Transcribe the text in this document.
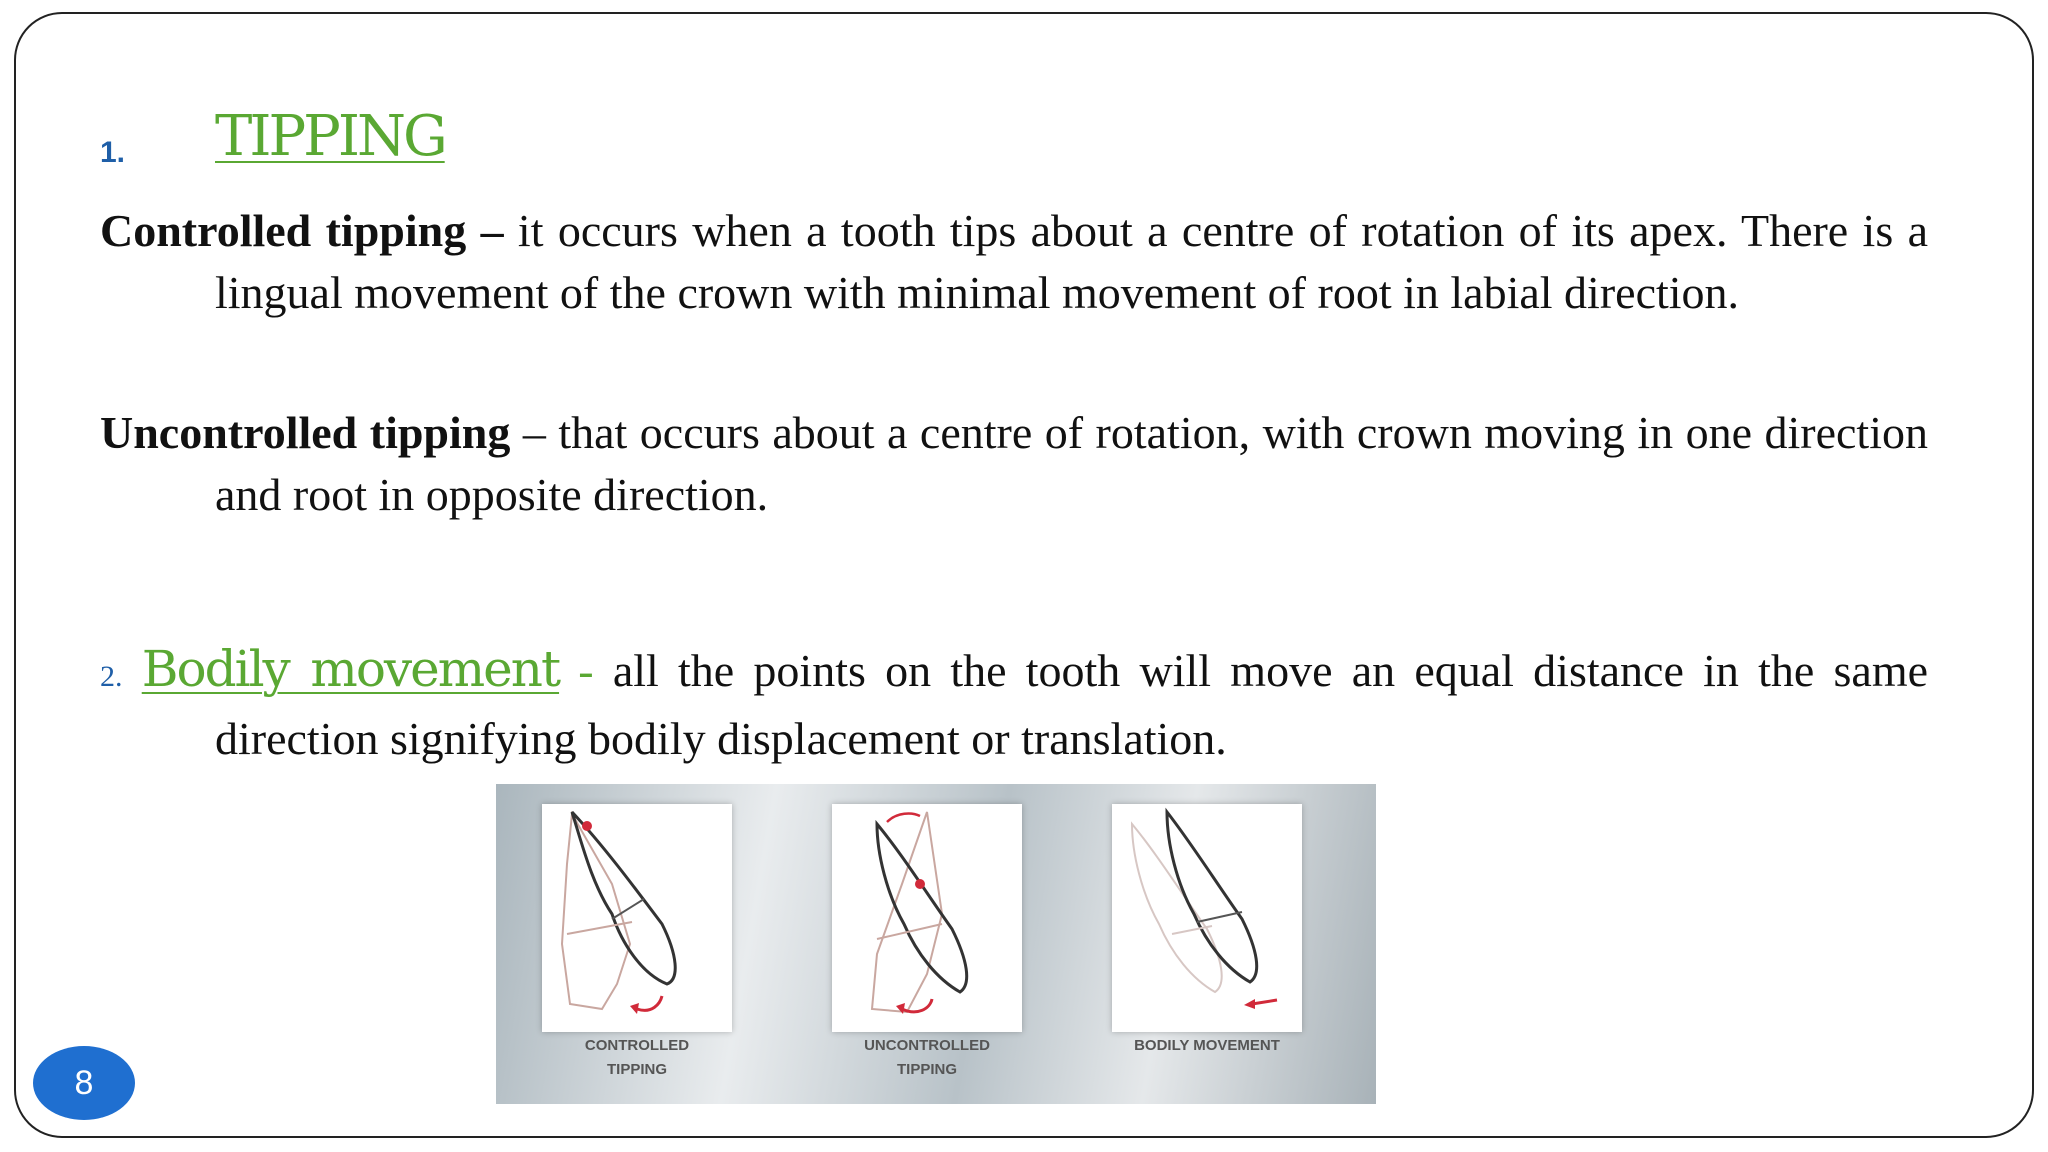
1. TIPPING
Controlled tipping – it occurs when a tooth tips about a centre of rotation of its apex. There is a lingual movement of the crown with minimal movement of root in labial direction.
Uncontrolled tipping – that occurs about a centre of rotation, with crown moving in one direction and root in opposite direction.
2. Bodily movement - all the points on the tooth will move an equal distance in the same direction signifying bodily displacement or translation.
CONTROLLED
TIPPING
UNCONTROLLED
TIPPING
BODILY MOVEMENT
8
